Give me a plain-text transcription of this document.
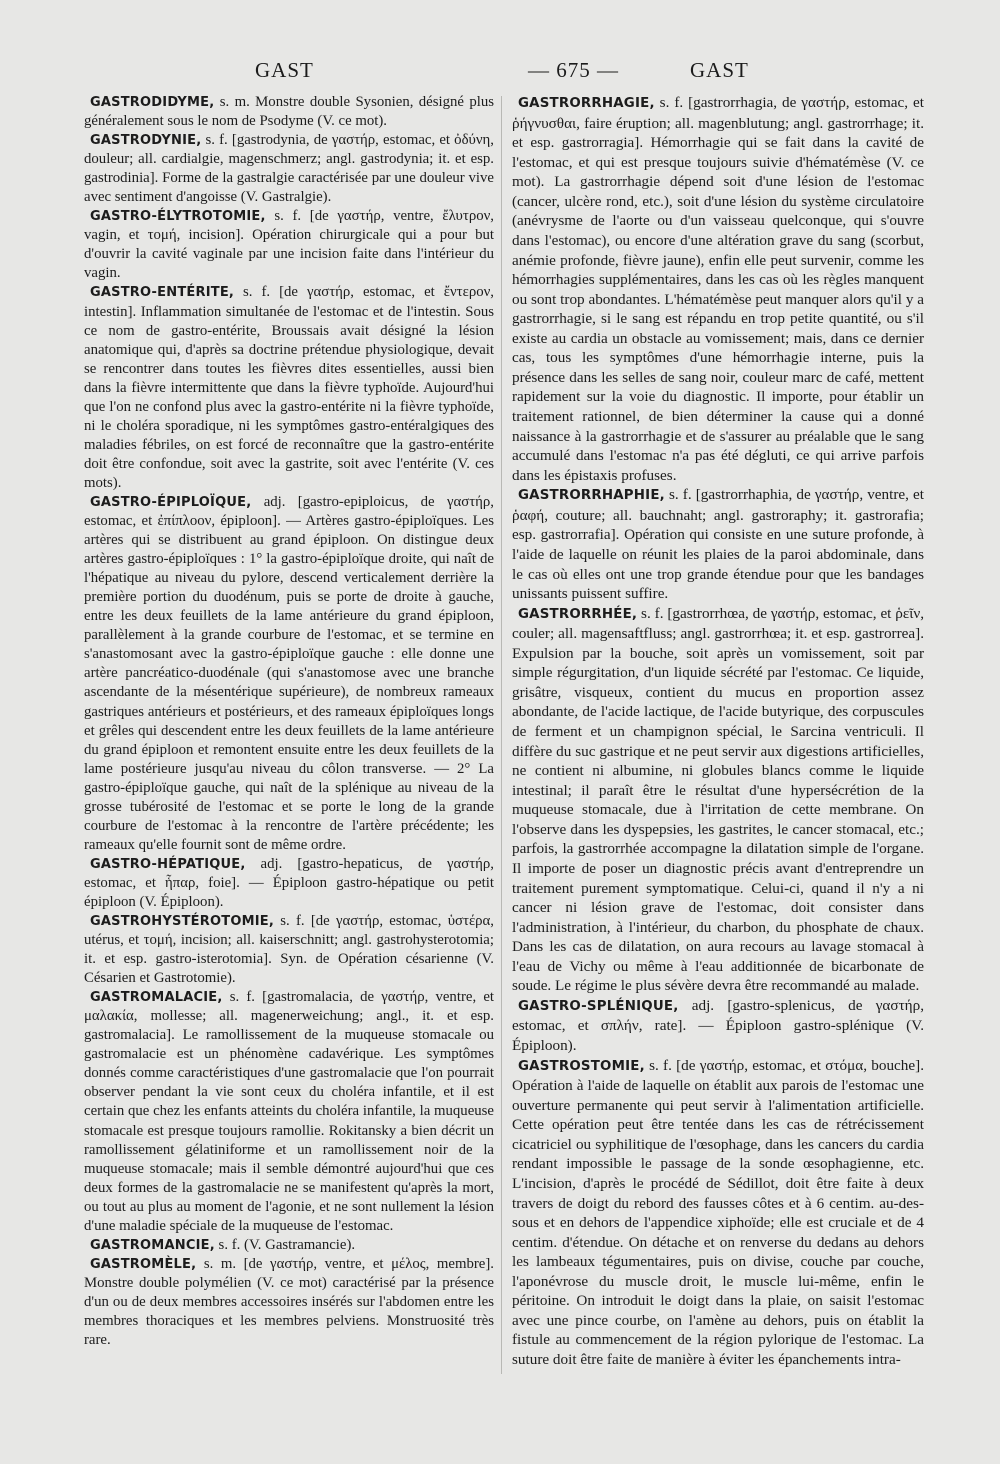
GAST	— 675 —	GAST

GASTRODIDYME, s. m. Monstre double Sysonien, désigné plus généralement sous le nom de Psodyme (V. ce mot).

GASTRODYNIE, s. f. [gastrodynia, de γαστήρ, estomac, et ὀδύνη, douleur; all. cardialgie, magenschmerz; angl. gastrodynia; it. et esp. gastrodinia]. Forme de la gastralgie caractérisée par une douleur vive avec sentiment d'angoisse (V. Gastralgie).

GASTRO-ÉLYTROTOMIE, s. f. [de γαστήρ, ventre, ἔλυτρον, vagin, et τομή, incision]. Opération chirurgicale qui a pour but d'ouvrir la cavité vaginale par une incision faite dans l'intérieur du vagin.

GASTRO-ENTÉRITE, s. f. [de γαστήρ, estomac, et ἔντερον, intestin]. Inflammation simultanée de l'estomac et de l'intestin. Sous ce nom de gastro-entérite, Broussais avait désigné la lésion anatomique qui, d'après sa doctrine prétendue physiologique, devait se rencontrer dans toutes les fièvres dites essentielles, aussi bien dans la fièvre intermittente que dans la fièvre typhoïde. Aujourd'hui que l'on ne confond plus avec la gastro-entérite ni la fièvre typhoïde, ni le choléra sporadique, ni les symptômes gastro-entéralgiques des maladies fébriles, on est forcé de reconnaître que la gastro-entérite doit être confondue, soit avec la gastrite, soit avec l'entérite (V. ces mots).

GASTRO-ÉPIPLOÏQUE, adj. [gastro-epiploicus, de γαστήρ, estomac, et ἐπίπλοον, épiploon]. — Artères gastro-épiploïques. Les artères qui se distribuent au grand épiploon. On distingue deux artères gastro-épiploïques : 1° la gastro-épiploïque droite, qui naît de l'hépatique au niveau du pylore, descend verticalement derrière la première portion du duodénum, puis se porte de droite à gauche, entre les deux feuillets de la lame antérieure du grand épiploon, parallèlement à la grande courbure de l'estomac, et se termine en s'anastomosant avec la gastro-épiploïque gauche : elle donne une artère pancréatico-duodénale (qui s'anastomose avec une branche ascendante de la mésentérique supérieure), de nombreux rameaux gastriques antérieurs et postérieurs, et des rameaux épiploïques longs et grêles qui descendent entre les deux feuillets de la lame antérieure du grand épiploon et remontent ensuite entre les deux feuillets de la lame postérieure jusqu'au niveau du côlon transverse. — 2° La gastro-épiploïque gauche, qui naît de la splénique au niveau de la grosse tubérosité de l'estomac et se porte le long de la grande courbure de l'estomac à la rencontre de l'artère précédente; les rameaux qu'elle fournit sont de même ordre.

GASTRO-HÉPATIQUE, adj. [gastro-hepaticus, de γαστήρ, estomac, et ἧπαρ, foie]. — Épiploon gastro-hépatique ou petit épiploon (V. Épiploon).

GASTROHYSTÉROTOMIE, s. f. [de γαστήρ, estomac, ὑστέρα, utérus, et τομή, incision; all. kaiserschnitt; angl. gastrohysterotomia; it. et esp. gastro-isterotomia]. Syn. de Opération césarienne (V. Césarien et Gastrotomie).

GASTROMALACIE, s. f. [gastromalacia, de γαστήρ, ventre, et μαλακία, mollesse; all. magenerweichung; angl., it. et esp. gastromalacia]. Le ramollissement de la muqueuse stomacale ou gastromalacie est un phénomène cadavérique. Les symptômes donnés comme caractéristiques d'une gastromalacie que l'on pourrait observer pendant la vie sont ceux du choléra infantile, et il est certain que chez les enfants atteints du choléra infantile, la muqueuse stomacale est presque toujours ramollie. Rokitansky a bien décrit un ramollissement gélatiniforme et un ramollissement noir de la muqueuse stomacale; mais il semble démontré aujourd'hui que ces deux formes de la gastromalacie ne se manifestent qu'après la mort, ou tout au plus au moment de l'agonie, et ne sont nullement la lésion d'une maladie spéciale de la muqueuse de l'estomac.

GASTROMANCIE, s. f. (V. Gastramancie).

GASTROMÈLE, s. m. [de γαστήρ, ventre, et μέλος, membre]. Monstre double polymélien (V. ce mot) caractérisé par la présence d'un ou de deux membres accessoires insérés sur l'abdomen entre les membres thoraciques et les membres pelviens. Monstruosité très rare.

GASTRORRHAGIE, s. f. [gastrorrhagia, de γαστήρ, estomac, et ῥήγνυσθαι, faire éruption; all. magenblutung; angl. gastrorrhage; it. et esp. gastrorragia]. Hémorrhagie qui se fait dans la cavité de l'estomac, et qui est presque toujours suivie d'hématémèse (V. ce mot). La gastrorrhagie dépend soit d'une lésion de l'estomac (cancer, ulcère rond, etc.), soit d'une lésion du système circulatoire (anévrysme de l'aorte ou d'un vaisseau quelconque, qui s'ouvre dans l'estomac), ou encore d'une altération grave du sang (scorbut, anémie profonde, fièvre jaune), enfin elle peut survenir, comme les hémorrhagies supplémentaires, dans les cas où les règles manquent ou sont trop abondantes. L'hématémèse peut manquer alors qu'il y a gastrorrhagie, si le sang est répandu en trop petite quantité, ou s'il existe au cardia un obstacle au vomissement; mais, dans ce dernier cas, tous les symptômes d'une hémorrhagie interne, puis la présence dans les selles de sang noir, couleur marc de café, mettent rapidement sur la voie du diagnostic. Il importe, pour établir un traitement rationnel, de bien déterminer la cause qui a donné naissance à la gastrorrhagie et de s'assurer au préalable que le sang accumulé dans l'estomac n'a pas été dégluti, ce qui arrive parfois dans les épistaxis profuses.

GASTRORRHAPHIE, s. f. [gastrorrhaphia, de γαστήρ, ventre, et ῥαφή, couture; all. bauchnaht; angl. gastroraphy; it. gastrorafia; esp. gastrorrafia]. Opération qui consiste en une suture profonde, à l'aide de laquelle on réunit les plaies de la paroi abdominale, dans le cas où elles ont une trop grande étendue pour que les bandages unissants puissent suffire.

GASTRORRHÉE, s. f. [gastrorrhœa, de γαστήρ, estomac, et ῥεῖν, couler; all. magensaftfluss; angl. gastrorrhœa; it. et esp. gastrorrea]. Expulsion par la bouche, soit après un vomissement, soit par simple régurgitation, d'un liquide sécrété par l'estomac. Ce liquide, grisâtre, visqueux, contient du mucus en proportion assez abondante, de l'acide lactique, de l'acide butyrique, des corpuscules de ferment et un champignon spécial, le Sarcina ventriculi. Il diffère du suc gastrique et ne peut servir aux digestions artificielles, ne contient ni albumine, ni globules blancs comme le liquide intestinal; il paraît être le résultat d'une hypersécrétion de la muqueuse stomacale, due à l'irritation de cette membrane. On l'observe dans les dyspepsies, les gastrites, le cancer stomacal, etc.; parfois, la gastrorrhée accompagne la dilatation simple de l'organe. Il importe de poser un diagnostic précis avant d'entreprendre un traitement purement symptomatique. Celui-ci, quand il n'y a ni cancer ni lésion grave de l'estomac, doit consister dans l'administration, à l'intérieur, du charbon, du phosphate de chaux. Dans les cas de dilatation, on aura recours au lavage stomacal à l'eau de Vichy ou même à l'eau additionnée de bicarbonate de soude. Le régime le plus sévère devra être recommandé au malade.

GASTRO-SPLÉNIQUE, adj. [gastro-splenicus, de γαστήρ, estomac, et σπλήν, rate]. — Épiploon gastro-splénique (V. Épiploon).

GASTROSTOMIE, s. f. [de γαστήρ, estomac, et στόμα, bouche]. Opération à l'aide de laquelle on établit aux parois de l'estomac une ouverture permanente qui peut servir à l'alimentation artificielle. Cette opération peut être tentée dans les cas de rétrécissement cicatriciel ou syphilitique de l'œsophage, dans les cancers du cardia rendant impossible le passage de la sonde œsophagienne, etc. L'incision, d'après le procédé de Sédillot, doit être faite à deux travers de doigt du rebord des fausses côtes et à 6 centim. au-dessous et en dehors de l'appendice xiphoïde; elle est cruciale et de 4 centim. d'étendue. On détache et on renverse du dedans au dehors les lambeaux tégumentaires, puis on divise, couche par couche, l'aponévrose du muscle droit, le muscle lui-même, enfin le péritoine. On introduit le doigt dans la plaie, on saisit l'estomac avec une pince courbe, on l'amène au dehors, puis on établit la fistule au commencement de la région pylorique de l'estomac. La suture doit être faite de manière à éviter les épanchements intra-
